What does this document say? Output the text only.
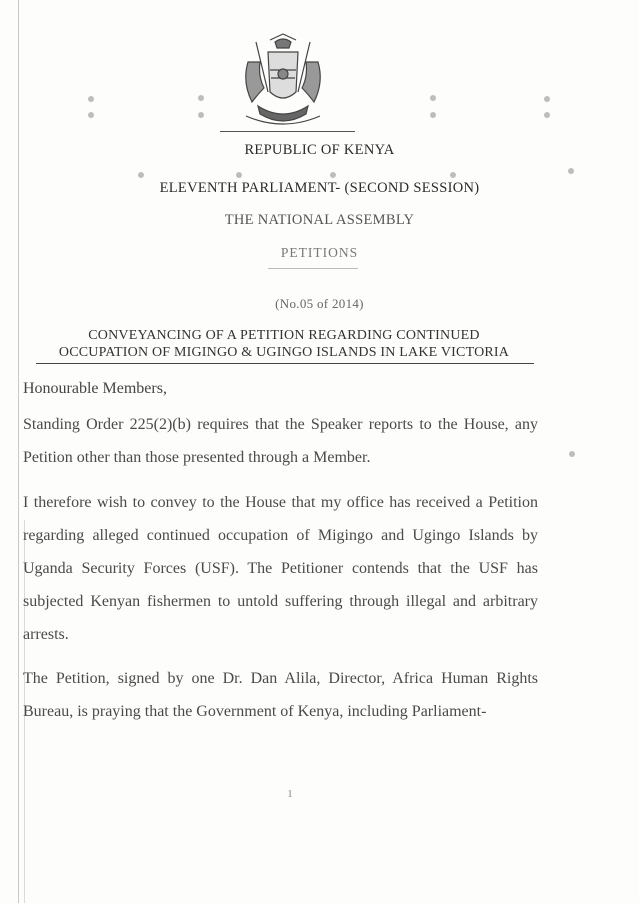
REPUBLIC OF KENYA
ELEVENTH PARLIAMENT- (SECOND SESSION)
THE NATIONAL ASSEMBLY
PETITIONS
(No.05 of 2014)
CONVEYANCING OF A PETITION REGARDING CONTINUED
OCCUPATION OF MIGINGO & UGINGO ISLANDS IN LAKE VICTORIA
Honourable Members,
Standing Order 225(2)(b) requires that the Speaker reports to the House, any Petition other than those presented through a Member.
I therefore wish to convey to the House that my office has received a Petition regarding alleged continued occupation of Migingo and Ugingo Islands by Uganda Security Forces (USF). The Petitioner contends that the USF has subjected Kenyan fishermen to untold suffering through illegal and arbitrary arrests.
The Petition, signed by one Dr. Dan Alila, Director, Africa Human Rights Bureau, is praying that the Government of Kenya, including Parliament-
1
